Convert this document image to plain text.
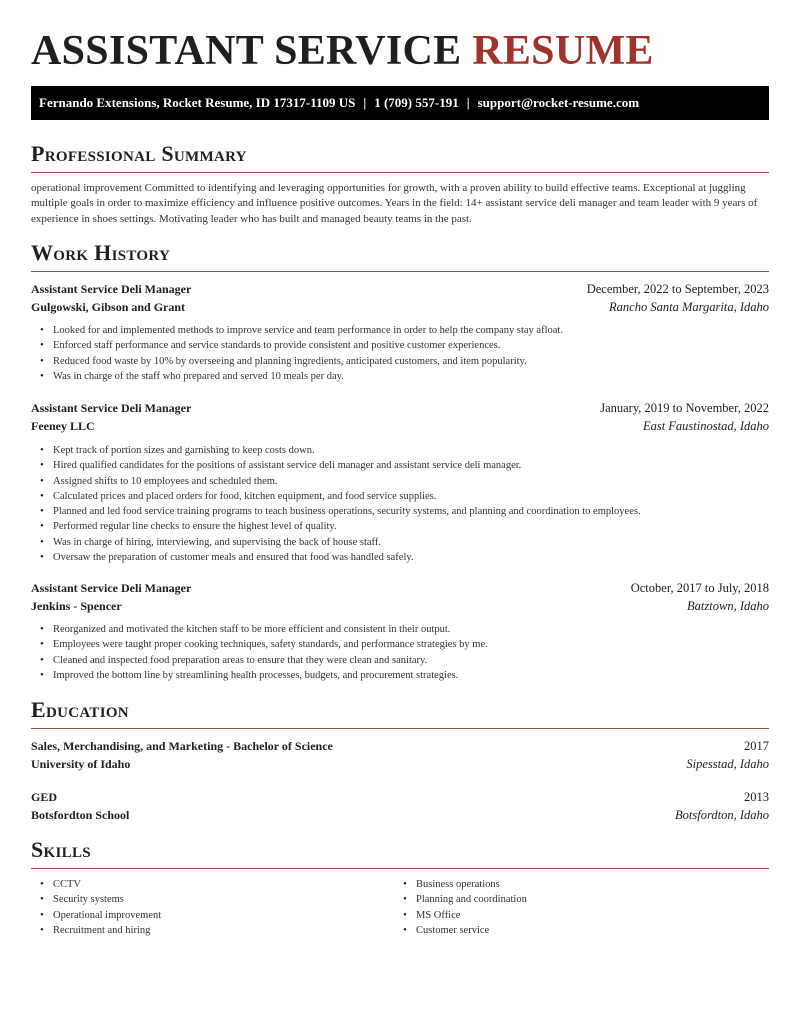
ASSISTANT SERVICE RESUME
Fernando Extensions, Rocket Resume, ID 17317-1109 US | 1 (709) 557-191 | support@rocket-resume.com
Professional Summary

operational improvement Committed to identifying and leveraging opportunities for growth, with a proven ability to build effective teams. Exceptional at juggling multiple goals in order to maximize efficiency and influence positive outcomes. Years in the field: 14+ assistant service deli manager and team leader with 9 years of experience in shoes settings. Motivating leader who has built and managed beauty teams in the past.

Work History
Assistant Service Deli Manager	December, 2022 to September, 2023
Gulgowski, Gibson and Grant	Rancho Santa Margarita, Idaho
• Looked for and implemented methods to improve service and team performance in order to help the company stay afloat.
• Enforced staff performance and service standards to provide consistent and positive customer experiences.
• Reduced food waste by 10% by overseeing and planning ingredients, anticipated customers, and item popularity.
• Was in charge of the staff who prepared and served 10 meals per day.
Assistant Service Deli Manager	January, 2019 to November, 2022
Feeney LLC	East Faustinostad, Idaho
• Kept track of portion sizes and garnishing to keep costs down.
• Hired qualified candidates for the positions of assistant service deli manager and assistant service deli manager.
• Assigned shifts to 10 employees and scheduled them.
• Calculated prices and placed orders for food, kitchen equipment, and food service supplies.
• Planned and led food service training programs to teach business operations, security systems, and planning and coordination to employees.
• Performed regular line checks to ensure the highest level of quality.
• Was in charge of hiring, interviewing, and supervising the back of house staff.
• Oversaw the preparation of customer meals and ensured that food was handled safely.
Assistant Service Deli Manager	October, 2017 to July, 2018
Jenkins - Spencer	Batztown, Idaho
• Reorganized and motivated the kitchen staff to be more efficient and consistent in their output.
• Employees were taught proper cooking techniques, safety standards, and performance strategies by me.
• Cleaned and inspected food preparation areas to ensure that they were clean and sanitary.
• Improved the bottom line by streamlining health processes, budgets, and procurement strategies.
Education
Sales, Merchandising, and Marketing - Bachelor of Science	2017
University of Idaho	Sipesstad, Idaho
GED	2013
Botsfordton School	Botsfordton, Idaho
Skills
• CCTV
• Security systems
• Operational improvement
• Recruitment and hiring
• Business operations
• Planning and coordination
• MS Office
• Customer service
